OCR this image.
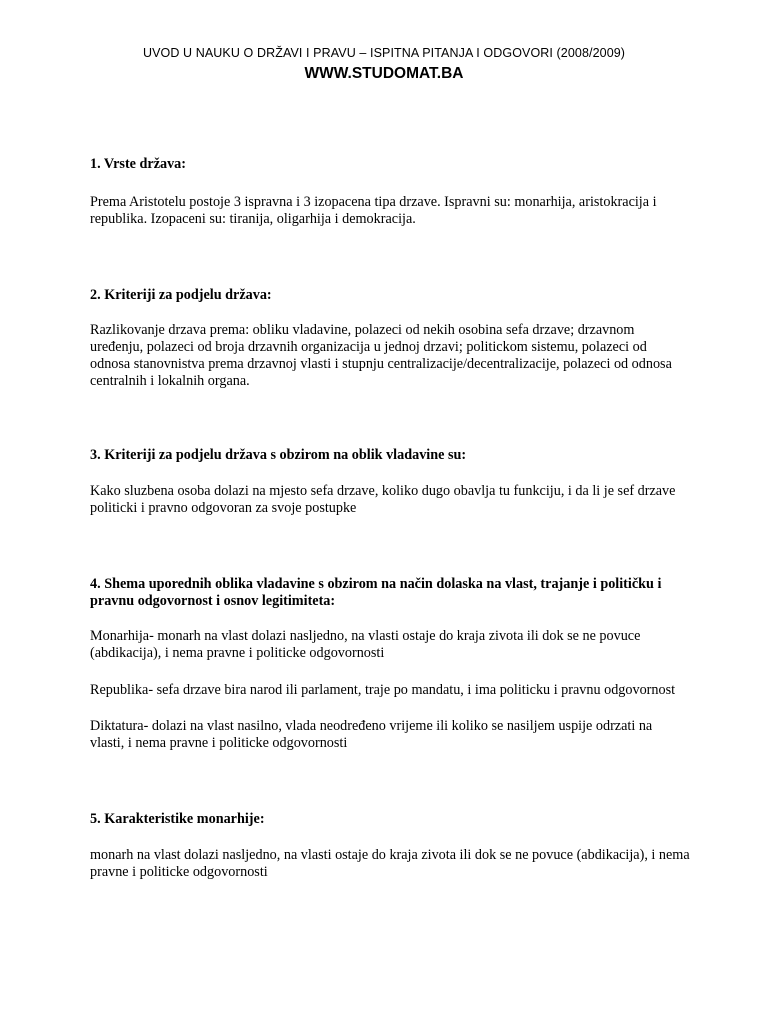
UVOD U NAUKU O DRŽAVI I PRAVU – ISPITNA PITANJA I ODGOVORI (2008/2009)
WWW.STUDOMAT.BA
1. Vrste država:
Prema Aristotelu postoje 3 ispravna i 3 izopacena tipa drzave. Ispravni su: monarhija, aristokracija i republika. Izopaceni su: tiranija, oligarhija i demokracija.
2. Kriteriji za podjelu država:
Razlikovanje drzava prema: obliku vladavine, polazeci od nekih osobina sefa drzave; drzavnom uređenju, polazeci od broja drzavnih organizacija u jednoj drzavi; politickom sistemu, polazeci od odnosa stanovnistva prema drzavnoj vlasti i stupnju centralizacije/decentralizacije, polazeci od odnosa centralnih i lokalnih organa.
3. Kriteriji za podjelu država s obzirom na oblik vladavine su:
Kako sluzbena osoba dolazi na mjesto sefa drzave, koliko dugo obavlja tu funkciju, i da li je sef drzave politicki i pravno odgovoran za svoje postupke
4. Shema uporednih oblika vladavine s obzirom na način dolaska na vlast, trajanje i političku i pravnu odgovornost i osnov legitimiteta:
Monarhija- monarh na vlast dolazi nasljedno, na vlasti ostaje do kraja zivota ili dok se ne povuce (abdikacija), i nema pravne i politicke odgovornosti
Republika- sefa drzave bira narod ili parlament, traje po mandatu, i ima politicku i pravnu odgovornost
Diktatura- dolazi na vlast nasilno, vlada neodređeno vrijeme ili koliko se nasiljem uspije odrzati na vlasti, i nema pravne i politicke odgovornosti
5. Karakteristike monarhije:
monarh na vlast dolazi nasljedno, na vlasti ostaje do kraja zivota ili dok se ne povuce (abdikacija), i nema pravne i politicke odgovornosti
